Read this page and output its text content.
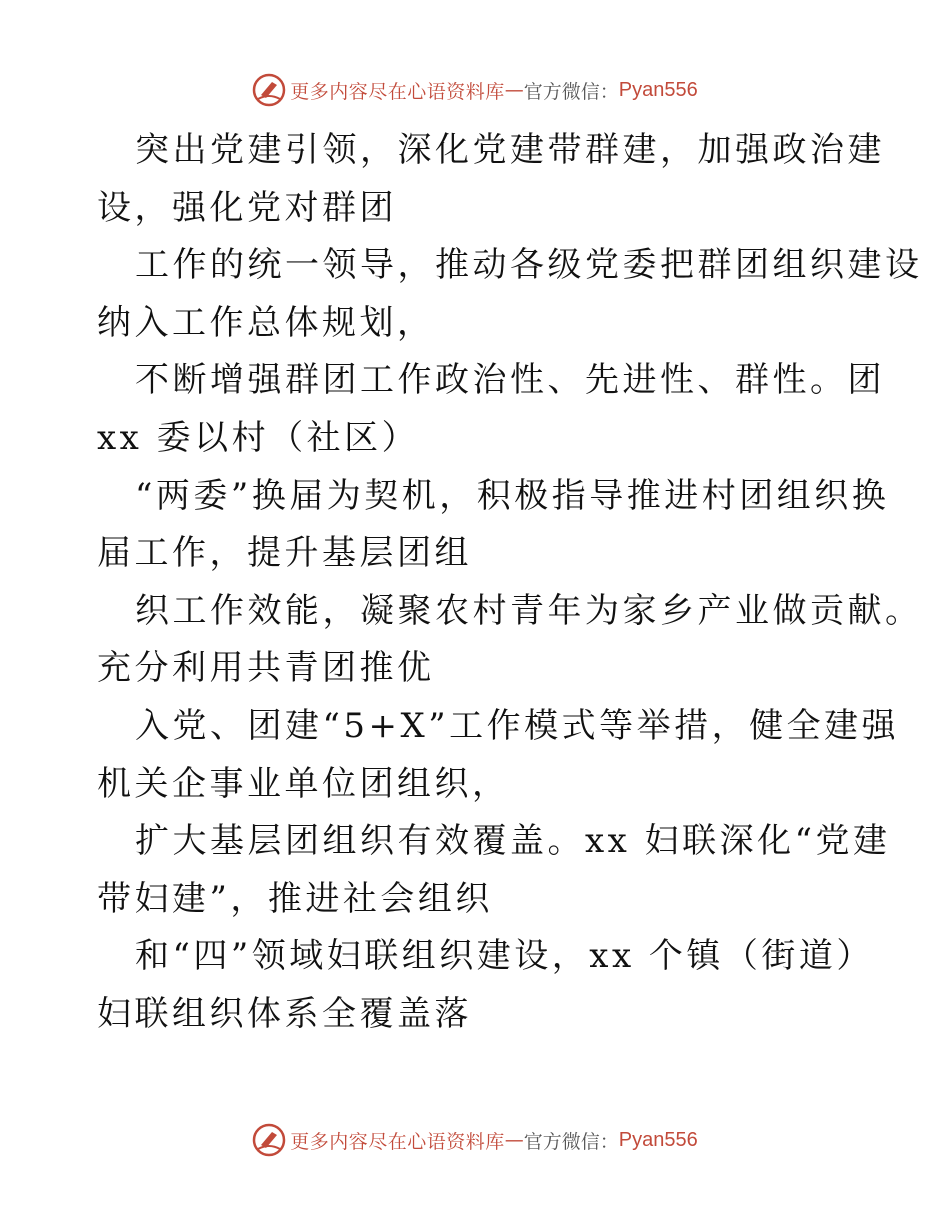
更多内容尽在心语资料库 — 官方微信： Pyan556
突出党建引领，深化党建带群建，加强政治建
设，强化党对群团
工作的统一领导，推动各级党委把群团组织建设
纳入工作总体规划，
不断增强群团工作政治性、先进性、群性。团
xx 委以村（社区）
“两委”换届为契机，积极指导推进村团组织换
届工作，提升基层团组
织工作效能，凝聚农村青年为家乡产业做贡献。
充分利用共青团推优
入党、团建“5+X”工作模式等举措，健全建强
机关企事业单位团组织，
扩大基层团组织有效覆盖。xx 妇联深化“党建
带妇建”，推进社会组织
和“四”领域妇联组织建设，xx 个镇（街道）
妇联组织体系全覆盖落
更多内容尽在心语资料库 — 官方微信： Pyan556
